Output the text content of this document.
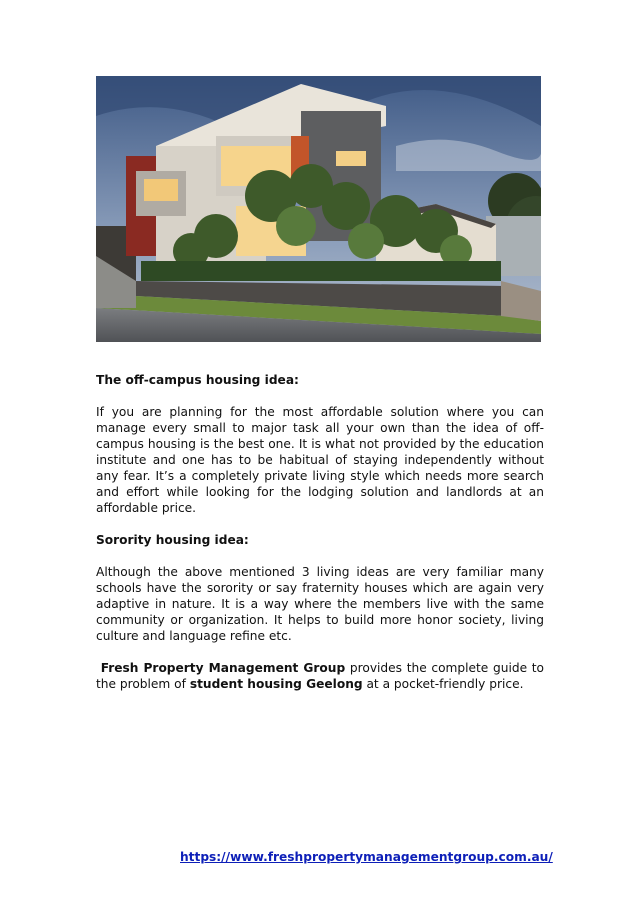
The off-campus housing idea:

If you are planning for the most affordable solution where you can manage every small to major task all your own than the idea of off-campus housing is the best one. It is what not provided by the education institute and one has to be habitual of staying independently without any fear. It’s a completely private living style which needs more search and effort while looking for the lodging solution and landlords at an affordable price.

Sorority housing idea:

Although the above mentioned 3 living ideas are very familiar many schools have the sorority or say fraternity houses which are again very adaptive in nature. It is a way where the members live with the same community or organization. It helps to build more honor society, living culture and language refine etc.

Fresh Property Management Group provides the complete guide to the problem of student housing Geelong at a pocket-friendly price.

https://www.freshpropertymanagementgroup.com.au/
